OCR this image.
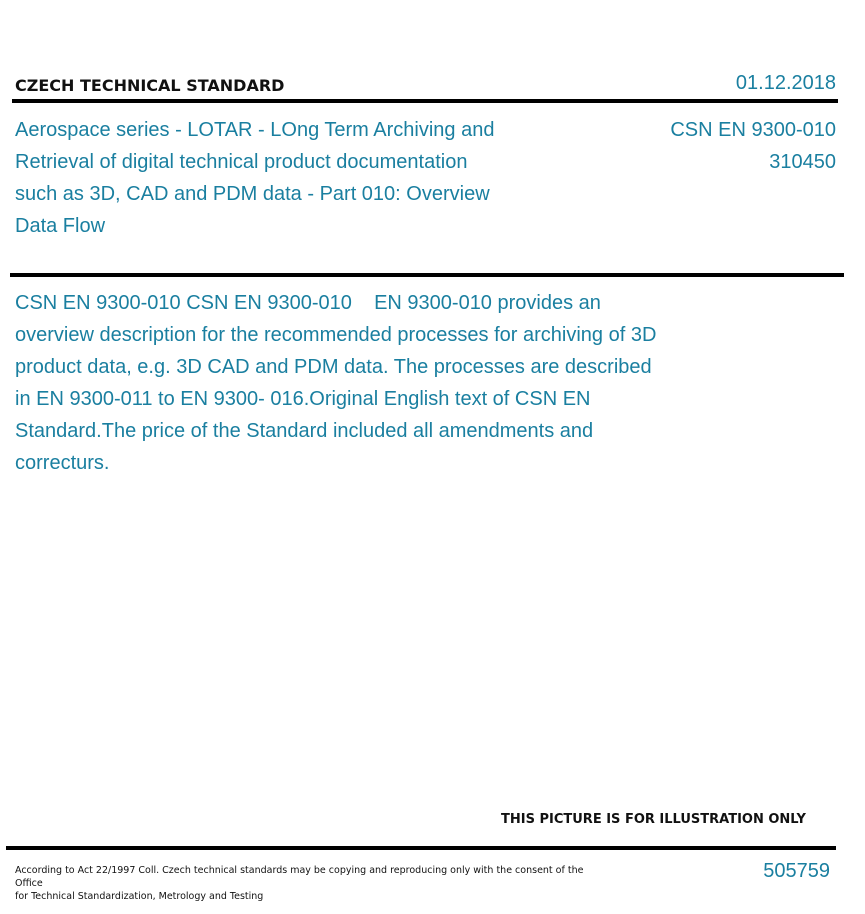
CZECH TECHNICAL STANDARD	01.12.2018
Aerospace series - LOTAR - LOng Term Archiving and Retrieval of digital technical product documentation such as 3D, CAD and PDM data - Part 010: Overview Data Flow
CSN EN 9300-010
310450
CSN EN 9300-010 CSN EN 9300-010    EN 9300-010 provides an overview description for the recommended processes for archiving of 3D product data, e.g. 3D CAD and PDM data. The processes are described in EN 9300-011 to EN 9300- 016.Original English text of CSN EN Standard.The price of the Standard included all amendments and correcturs.
THIS PICTURE IS FOR ILLUSTRATION ONLY
According to Act 22/1997 Coll. Czech technical standards may be copying and reproducing only with the consent of the Office
for Technical Standardization, Metrology and Testing
505759
